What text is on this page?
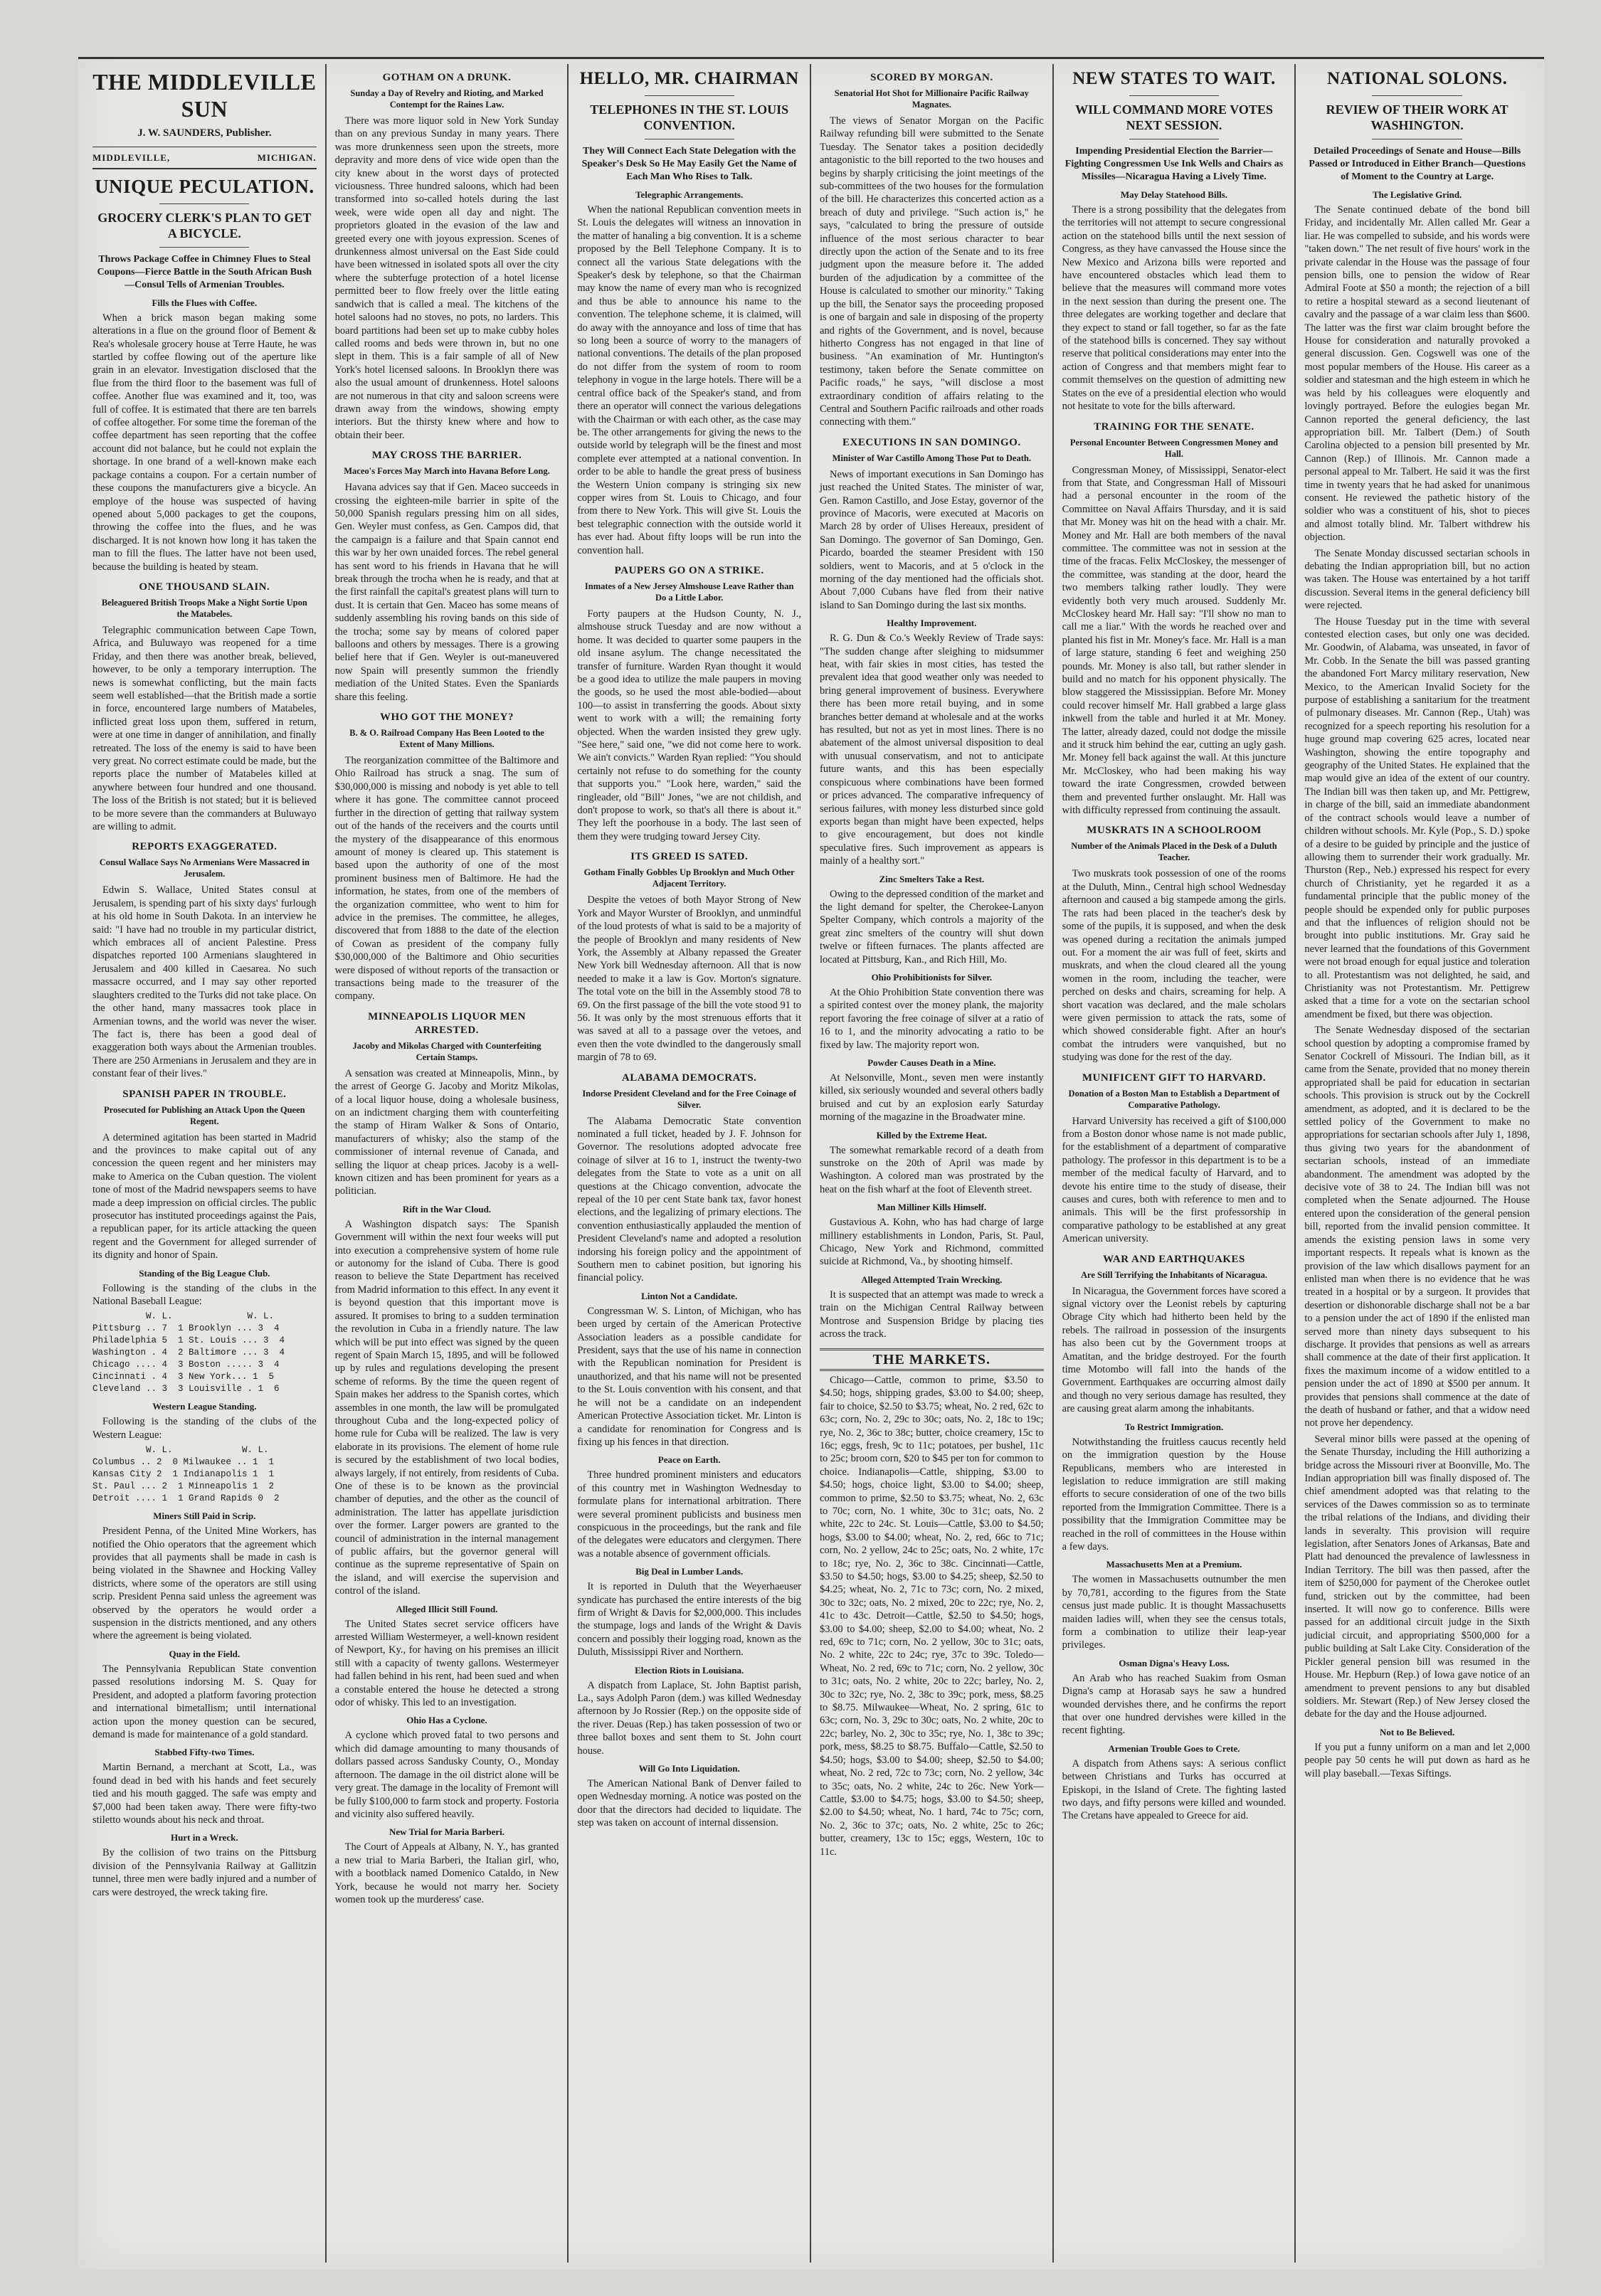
THE MIDDLEVILLE SUN
J. W. SAUNDERS, Publisher.
MIDDLEVILLE,	MICHIGAN.
UNIQUE PECULATION.
GROCERY CLERK'S PLAN TO GET A BICYCLE.
Throws Package Coffee in Chimney Flues to Steal Coupons—Fierce Battle in the South African Bush—Consul Tells of Armenian Troubles.
Fills the Flues with Coffee.

When a brick mason began making some alterations in a flue on the ground floor of Bement & Rea's wholesale grocery house at Terre Haute, he was startled by coffee flowing out of the aperture like grain in an elevator. Investigation disclosed that the flue from the third floor to the basement was full of coffee. Another flue was examined and it, too, was full of coffee. It is estimated that there are ten barrels of coffee altogether. For some time the foreman of the coffee department has seen reporting that the coffee account did not balance, but he could not explain the shortage. In one brand of a well-known make each package contains a coupon. For a certain number of these coupons the manufacturers give a bicycle. An employe of the house was suspected of having opened about 5,000 packages to get the coupons, throwing the coffee into the flues, and he was discharged. It is not known how long it has taken the man to fill the flues. The latter have not been used, because the building is heated by steam.

ONE THOUSAND SLAIN.
Beleaguered British Troops Make a Night Sortie Upon the Matabeles.

Telegraphic communication between Cape Town, Africa, and Buluwayo was reopened for a time Friday, and then there was another break, believed, however, to be only a temporary interruption. The news is somewhat conflicting, but the main facts seem well established—that the British made a sortie in force, encountered large numbers of Matabeles, inflicted great loss upon them, suffered in return, were at one time in danger of annihilation, and finally retreated. The loss of the enemy is said to have been very great. No correct estimate could be made, but the reports place the number of Matabeles killed at anywhere between four hundred and one thousand. The loss of the British is not stated; but it is believed to be more severe than the commanders at Buluwayo are willing to admit.

REPORTS EXAGGERATED.
Consul Wallace Says No Armenians Were Massacred in Jerusalem.

Edwin S. Wallace, United States consul at Jerusalem, is spending part of his sixty days' furlough at his old home in South Dakota. In an interview he said: "I have had no trouble in my particular district, which embraces all of ancient Palestine. Press dispatches reported 100 Armenians slaughtered in Jerusalem and 400 killed in Caesarea. No such massacre occurred, and I may say other reported slaughters credited to the Turks did not take place. On the other hand, many massacres took place in Armenian towns, and the world was never the wiser. The fact is, there has been a good deal of exaggeration both ways about the Armenian troubles. There are 250 Armenians in Jerusalem and they are in constant fear of their lives."

SPANISH PAPER IN TROUBLE.
Prosecuted for Publishing an Attack Upon the Queen Regent.

A determined agitation has been started in Madrid and the provinces to make capital out of any concession the queen regent and her ministers may make to America on the Cuban question. The violent tone of most of the Madrid newspapers seems to have made a deep impression on official circles. The public prosecutor has instituted proceedings against the Pais, a republican paper, for its article attacking the queen regent and the Government for alleged surrender of its dignity and honor of Spain.

Standing of the Big League Club.

Following is the standing of the clubs in the National Baseball League:

W. L.              W. L.
Pittsburg .. 7  1 Brooklyn ... 3  4
Philadelphia 5  1 St. Louis ... 3  4
Washington . 4  2 Baltimore ... 3  4
Chicago .... 4  3 Boston ..... 3  4
Cincinnati . 4  3 New York... 1  5
Cleveland .. 3  3 Louisville . 1  6
Western League Standing.

Following is the standing of the clubs of the Western League:

W. L.             W. L.
Columbus .. 2  0 Milwaukee .. 1  1
Kansas City 2  1 Indianapolis 1  1
St. Paul ... 2  1 Minneapolis 1  2
Detroit .... 1  1 Grand Rapids 0  2
Miners Still Paid in Scrip.

President Penna, of the United Mine Workers, has notified the Ohio operators that the agreement which provides that all payments shall be made in cash is being violated in the Shawnee and Hocking Valley districts, where some of the operators are still using scrip. President Penna said unless the agreement was observed by the operators he would order a suspension in the districts mentioned, and any others where the agreement is being violated.

Quay in the Field.

The Pennsylvania Republican State convention passed resolutions indorsing M. S. Quay for President, and adopted a platform favoring protection and international bimetallism; until international action upon the money question can be secured, demand is made for maintenance of a gold standard.

Stabbed Fifty-two Times.

Martin Bernand, a merchant at Scott, La., was found dead in bed with his hands and feet securely tied and his mouth gagged. The safe was empty and $7,000 had been taken away. There were fifty-two stiletto wounds about his neck and throat.

Hurt in a Wreck.

By the collision of two trains on the Pittsburg division of the Pennsylvania Railway at Gallitzin tunnel, three men were badly injured and a number of cars were destroyed, the wreck taking fire.

GOTHAM ON A DRUNK.
Sunday a Day of Revelry and Rioting, and Marked Contempt for the Raines Law.

There was more liquor sold in New York Sunday than on any previous Sunday in many years. There was more drunkenness seen upon the streets, more depravity and more dens of vice wide open than the city knew about in the worst days of protected viciousness. Three hundred saloons, which had been transformed into so-called hotels during the last week, were wide open all day and night. The proprietors gloated in the evasion of the law and greeted every one with joyous expression. Scenes of drunkenness almost universal on the East Side could have been witnessed in isolated spots all over the city where the subterfuge protection of a hotel license permitted beer to flow freely over the little eating sandwich that is called a meal. The kitchens of the hotel saloons had no stoves, no pots, no larders. This board partitions had been set up to make cubby holes called rooms and beds were thrown in, but no one slept in them. This is a fair sample of all of New York's hotel licensed saloons. In Brooklyn there was also the usual amount of drunkenness. Hotel saloons are not numerous in that city and saloon screens were drawn away from the windows, showing empty interiors. But the thirsty knew where and how to obtain their beer.

MAY CROSS THE BARRIER.
Maceo's Forces May March into Havana Before Long.

Havana advices say that if Gen. Maceo succeeds in crossing the eighteen-mile barrier in spite of the 50,000 Spanish regulars pressing him on all sides, Gen. Weyler must confess, as Gen. Campos did, that the campaign is a failure and that Spain cannot end this war by her own unaided forces. The rebel general has sent word to his friends in Havana that he will break through the trocha when he is ready, and that at the first rainfall the capital's greatest plans will turn to dust. It is certain that Gen. Maceo has some means of suddenly assembling his roving bands on this side of the trocha; some say by means of colored paper balloons and others by messages. There is a growing belief here that if Gen. Weyler is out-maneuvered now Spain will presently summon the friendly mediation of the United States. Even the Spaniards share this feeling.

WHO GOT THE MONEY?
B. & O. Railroad Company Has Been Looted to the Extent of Many Millions.

The reorganization committee of the Baltimore and Ohio Railroad has struck a snag. The sum of $30,000,000 is missing and nobody is yet able to tell where it has gone. The committee cannot proceed further in the direction of getting that railway system out of the hands of the receivers and the courts until the mystery of the disappearance of this enormous amount of money is cleared up. This statement is based upon the authority of one of the most prominent business men of Baltimore. He had the information, he states, from one of the members of the organization committee, who went to him for advice in the premises. The committee, he alleges, discovered that from 1888 to the date of the election of Cowan as president of the company fully $30,000,000 of the Baltimore and Ohio securities were disposed of without reports of the transaction or transactions being made to the treasurer of the company.

MINNEAPOLIS LIQUOR MEN ARRESTED.
Jacoby and Mikolas Charged with Counterfeiting Certain Stamps.

A sensation was created at Minneapolis, Minn., by the arrest of George G. Jacoby and Moritz Mikolas, of a local liquor house, doing a wholesale business, on an indictment charging them with counterfeiting the stamp of Hiram Walker & Sons of Ontario, manufacturers of whisky; also the stamp of the commissioner of internal revenue of Canada, and selling the liquor at cheap prices. Jacoby is a well-known citizen and has been prominent for years as a politician.

Rift in the War Cloud.

A Washington dispatch says: The Spanish Government will within the next four weeks will put into execution a comprehensive system of home rule or autonomy for the island of Cuba. There is good reason to believe the State Department has received from Madrid information to this effect. In any event it is beyond question that this important move is assured. It promises to bring to a sudden termination the revolution in Cuba in a friendly nature. The law which will be put into effect was signed by the queen regent of Spain March 15, 1895, and will be followed up by rules and regulations developing the present scheme of reforms. By the time the queen regent of Spain makes her address to the Spanish cortes, which assembles in one month, the law will be promulgated throughout Cuba and the long-expected policy of home rule for Cuba will be realized. The law is very elaborate in its provisions. The element of home rule is secured by the establishment of two local bodies, always largely, if not entirely, from residents of Cuba. One of these is to be known as the provincial chamber of deputies, and the other as the council of administration. The latter has appellate jurisdiction over the former. Larger powers are granted to the council of administration in the internal management of public affairs, but the governor general will continue as the supreme representative of Spain on the island, and will exercise the supervision and control of the island.

Alleged Illicit Still Found.

The United States secret service officers have arrested William Westermeyer, a well-known resident of Newport, Ky., for having on his premises an illicit still with a capacity of twenty gallons. Westermeyer had fallen behind in his rent, had been sued and when a constable entered the house he detected a strong odor of whisky. This led to an investigation.

Ohio Has a Cyclone.

A cyclone which proved fatal to two persons and which did damage amounting to many thousands of dollars passed across Sandusky County, O., Monday afternoon. The damage in the oil district alone will be very great. The damage in the locality of Fremont will be fully $100,000 to farm stock and property. Fostoria and vicinity also suffered heavily.

New Trial for Maria Barberi.

The Court of Appeals at Albany, N. Y., has granted a new trial to Maria Barberi, the Italian girl, who, with a bootblack named Domenico Cataldo, in New York, because he would not marry her. Society women took up the murderess' case.

HELLO, MR. CHAIRMAN
TELEPHONES IN THE ST. LOUIS CONVENTION.
They Will Connect Each State Delegation with the Speaker's Desk So He May Easily Get the Name of Each Man Who Rises to Talk.
Telegraphic Arrangements.

When the national Republican convention meets in St. Louis the delegates will witness an innovation in the matter of hanaling a big convention. It is a scheme proposed by the Bell Telephone Company. It is to connect all the various State delegations with the Speaker's desk by telephone, so that the Chairman may know the name of every man who is recognized and thus be able to announce his name to the convention. The telephone scheme, it is claimed, will do away with the annoyance and loss of time that has so long been a source of worry to the managers of national conventions. The details of the plan proposed do not differ from the system of room to room telephony in vogue in the large hotels. There will be a central office back of the Speaker's stand, and from there an operator will connect the various delegations with the Chairman or with each other, as the case may be. The other arrangements for giving the news to the outside world by telegraph will be the finest and most complete ever attempted at a national convention. In order to be able to handle the great press of business the Western Union company is stringing six new copper wires from St. Louis to Chicago, and four from there to New York. This will give St. Louis the best telegraphic connection with the outside world it has ever had. About fifty loops will be run into the convention hall.

PAUPERS GO ON A STRIKE.
Inmates of a New Jersey Almshouse Leave Rather than Do a Little Labor.

Forty paupers at the Hudson County, N. J., almshouse struck Tuesday and are now without a home. It was decided to quarter some paupers in the old insane asylum. The change necessitated the transfer of furniture. Warden Ryan thought it would be a good idea to utilize the male paupers in moving the goods, so he used the most able-bodied—about 100—to assist in transferring the goods. About sixty went to work with a will; the remaining forty objected. When the warden insisted they grew ugly. "See here," said one, "we did not come here to work. We ain't convicts." Warden Ryan replied: "You should certainly not refuse to do something for the county that supports you." "Look here, warden," said the ringleader, old "Bill" Jones, "we are not childish, and don't propose to work, so that's all there is about it." They left the poorhouse in a body. The last seen of them they were trudging toward Jersey City.

ITS GREED IS SATED.
Gotham Finally Gobbles Up Brooklyn and Much Other Adjacent Territory.

Despite the vetoes of both Mayor Strong of New York and Mayor Wurster of Brooklyn, and unmindful of the loud protests of what is said to be a majority of the people of Brooklyn and many residents of New York, the Assembly at Albany repassed the Greater New York bill Wednesday afternoon. All that is now needed to make it a law is Gov. Morton's signature. The total vote on the bill in the Assembly stood 78 to 69. On the first passage of the bill the vote stood 91 to 56. It was only by the most strenuous efforts that it was saved at all to a passage over the vetoes, and even then the vote dwindled to the dangerously small margin of 78 to 69.

ALABAMA DEMOCRATS.
Indorse President Cleveland and for the Free Coinage of Silver.

The Alabama Democratic State convention nominated a full ticket, headed by J. F. Johnson for Governor. The resolutions adopted advocate free coinage of silver at 16 to 1, instruct the twenty-two delegates from the State to vote as a unit on all questions at the Chicago convention, advocate the repeal of the 10 per cent State bank tax, favor honest elections, and the legalizing of primary elections. The convention enthusiastically applauded the mention of President Cleveland's name and adopted a resolution indorsing his foreign policy and the appointment of Southern men to cabinet position, but ignoring his financial policy.

Linton Not a Candidate.

Congressman W. S. Linton, of Michigan, who has been urged by certain of the American Protective Association leaders as a possible candidate for President, says that the use of his name in connection with the Republican nomination for President is unauthorized, and that his name will not be presented to the St. Louis convention with his consent, and that he will not be a candidate on an independent American Protective Association ticket. Mr. Linton is a candidate for renomination for Congress and is fixing up his fences in that direction.

Peace on Earth.

Three hundred prominent ministers and educators of this country met in Washington Wednesday to formulate plans for international arbitration. There were several prominent publicists and business men conspicuous in the proceedings, but the rank and file of the delegates were educators and clergymen. There was a notable absence of government officials.

Big Deal in Lumber Lands.

It is reported in Duluth that the Weyerhaeuser syndicate has purchased the entire interests of the big firm of Wright & Davis for $2,000,000. This includes the stumpage, logs and lands of the Wright & Davis concern and possibly their logging road, known as the Duluth, Mississippi River and Northern.

Election Riots in Louisiana.

A dispatch from Laplace, St. John Baptist parish, La., says Adolph Paron (dem.) was killed Wednesday afternoon by Jo Rossier (Rep.) on the opposite side of the river. Deuas (Rep.) has taken possession of two or three ballot boxes and sent them to St. John court house.

Will Go Into Liquidation.

The American National Bank of Denver failed to open Wednesday morning. A notice was posted on the door that the directors had decided to liquidate. The step was taken on account of internal dissension.

SCORED BY MORGAN.
Senatorial Hot Shot for Millionaire Pacific Railway Magnates.

The views of Senator Morgan on the Pacific Railway refunding bill were submitted to the Senate Tuesday. The Senator takes a position decidedly antagonistic to the bill reported to the two houses and begins by sharply criticising the joint meetings of the sub-committees of the two houses for the formulation of the bill. He characterizes this concerted action as a breach of duty and privilege. "Such action is," he says, "calculated to bring the pressure of outside influence of the most serious character to bear directly upon the action of the Senate and to its free judgment upon the measure before it. The added burden of the adjudication by a committee of the House is calculated to smother our minority." Taking up the bill, the Senator says the proceeding proposed is one of bargain and sale in disposing of the property and rights of the Government, and is novel, because hitherto Congress has not engaged in that line of business. "An examination of Mr. Huntington's testimony, taken before the Senate committee on Pacific roads," he says, "will disclose a most extraordinary condition of affairs relating to the Central and Southern Pacific railroads and other roads connecting with them."

EXECUTIONS IN SAN DOMINGO.
Minister of War Castillo Among Those Put to Death.

News of important executions in San Domingo has just reached the United States. The minister of war, Gen. Ramon Castillo, and Jose Estay, governor of the province of Macoris, were executed at Macoris on March 28 by order of Ulises Hereaux, president of San Domingo. The governor of San Domingo, Gen. Picardo, boarded the steamer President with 150 soldiers, went to Macoris, and at 5 o'clock in the morning of the day mentioned had the officials shot. About 7,000 Cubans have fled from their native island to San Domingo during the last six months.

Healthy Improvement.

R. G. Dun & Co.'s Weekly Review of Trade says: "The sudden change after sleighing to midsummer heat, with fair skies in most cities, has tested the prevalent idea that good weather only was needed to bring general improvement of business. Everywhere there has been more retail buying, and in some branches better demand at wholesale and at the works has resulted, but not as yet in most lines. There is no abatement of the almost universal disposition to deal with unusual conservatism, and not to anticipate future wants, and this has been especially conspicuous where combinations have been formed or prices advanced. The comparative infrequency of serious failures, with money less disturbed since gold exports began than might have been expected, helps to give encouragement, but does not kindle speculative fires. Such improvement as appears is mainly of a healthy sort."

Zinc Smelters Take a Rest.

Owing to the depressed condition of the market and the light demand for spelter, the Cherokee-Lanyon Spelter Company, which controls a majority of the great zinc smelters of the country will shut down twelve or fifteen furnaces. The plants affected are located at Pittsburg, Kan., and Rich Hill, Mo.

Ohio Prohibitionists for Silver.

At the Ohio Prohibition State convention there was a spirited contest over the money plank, the majority report favoring the free coinage of silver at a ratio of 16 to 1, and the minority advocating a ratio to be fixed by law. The majority report won.

Powder Causes Death in a Mine.

At Nelsonville, Mont., seven men were instantly killed, six seriously wounded and several others badly bruised and cut by an explosion early Saturday morning of the magazine in the Broadwater mine.

Killed by the Extreme Heat.

The somewhat remarkable record of a death from sunstroke on the 20th of April was made by Washington. A colored man was prostrated by the heat on the fish wharf at the foot of Eleventh street.

Man Milliner Kills Himself.

Gustavious A. Kohn, who has had charge of large millinery establishments in London, Paris, St. Paul, Chicago, New York and Richmond, committed suicide at Richmond, Va., by shooting himself.

Alleged Attempted Train Wrecking.

It is suspected that an attempt was made to wreck a train on the Michigan Central Railway between Montrose and Suspension Bridge by placing ties across the track.

THE MARKETS.

Chicago—Cattle, common to prime, $3.50 to $4.50; hogs, shipping grades, $3.00 to $4.00; sheep, fair to choice, $2.50 to $3.75; wheat, No. 2 red, 62c to 63c; corn, No. 2, 29c to 30c; oats, No. 2, 18c to 19c; rye, No. 2, 36c to 38c; butter, choice creamery, 15c to 16c; eggs, fresh, 9c to 11c; potatoes, per bushel, 11c to 25c; broom corn, $20 to $45 per ton for common to choice. Indianapolis—Cattle, shipping, $3.00 to $4.50; hogs, choice light, $3.00 to $4.00; sheep, common to prime, $2.50 to $3.75; wheat, No. 2, 63c to 70c; corn, No. 1 white, 30c to 31c; oats, No. 2 white, 22c to 24c. St. Louis—Cattle, $3.00 to $4.50; hogs, $3.00 to $4.00; wheat, No. 2, red, 66c to 71c; corn, No. 2 yellow, 24c to 25c; oats, No. 2 white, 17c to 18c; rye, No. 2, 36c to 38c. Cincinnati—Cattle, $3.50 to $4.50; hogs, $3.00 to $4.25; sheep, $2.50 to $4.25; wheat, No. 2, 71c to 73c; corn, No. 2 mixed, 30c to 32c; oats, No. 2 mixed, 20c to 22c; rye, No. 2, 41c to 43c. Detroit—Cattle, $2.50 to $4.50; hogs, $3.00 to $4.00; sheep, $2.00 to $4.00; wheat, No. 2 red, 69c to 71c; corn, No. 2 yellow, 30c to 31c; oats, No. 2 white, 22c to 24c; rye, 37c to 39c. Toledo—Wheat, No. 2 red, 69c to 71c; corn, No. 2 yellow, 30c to 31c; oats, No. 2 white, 20c to 22c; barley, No. 2, 30c to 32c; rye, No. 2, 38c to 39c; pork, mess, $8.25 to $8.75. Milwaukee—Wheat, No. 2 spring, 61c to 63c; corn, No. 3, 29c to 30c; oats, No. 2 white, 20c to 22c; barley, No. 2, 30c to 35c; rye, No. 1, 38c to 39c; pork, mess, $8.25 to $8.75. Buffalo—Cattle, $2.50 to $4.50; hogs, $3.00 to $4.00; sheep, $2.50 to $4.00; wheat, No. 2 red, 72c to 73c; corn, No. 2 yellow, 34c to 35c; oats, No. 2 white, 24c to 26c. New York—Cattle, $3.00 to $4.75; hogs, $3.00 to $4.50; sheep, $2.00 to $4.50; wheat, No. 1 hard, 74c to 75c; corn, No. 2, 36c to 37c; oats, No. 2 white, 25c to 26c; butter, creamery, 13c to 15c; eggs, Western, 10c to 11c.

NEW STATES TO WAIT.
WILL COMMAND MORE VOTES NEXT SESSION.
Impending Presidential Election the Barrier—Fighting Congressmen Use Ink Wells and Chairs as Missiles—Nicaragua Having a Lively Time.
May Delay Statehood Bills.

There is a strong possibility that the delegates from the territories will not attempt to secure congressional action on the statehood bills until the next session of Congress, as they have canvassed the House since the New Mexico and Arizona bills were reported and have encountered obstacles which lead them to believe that the measures will command more votes in the next session than during the present one. The three delegates are working together and declare that they expect to stand or fall together, so far as the fate of the statehood bills is concerned. They say without reserve that political considerations may enter into the action of Congress and that members might fear to commit themselves on the question of admitting new States on the eve of a presidential election who would not hesitate to vote for the bills afterward.

TRAINING FOR THE SENATE.
Personal Encounter Between Congressmen Money and Hall.

Congressman Money, of Mississippi, Senator-elect from that State, and Congressman Hall of Missouri had a personal encounter in the room of the Committee on Naval Affairs Thursday, and it is said that Mr. Money was hit on the head with a chair. Mr. Money and Mr. Hall are both members of the naval committee. The committee was not in session at the time of the fracas. Felix McCloskey, the messenger of the committee, was standing at the door, heard the two members talking rather loudly. They were evidently both very much aroused. Suddenly Mr. McCloskey heard Mr. Hall say: "I'll show no man to call me a liar." With the words he reached over and planted his fist in Mr. Money's face. Mr. Hall is a man of large stature, standing 6 feet and weighing 250 pounds. Mr. Money is also tall, but rather slender in build and no match for his opponent physically. The blow staggered the Mississippian. Before Mr. Money could recover himself Mr. Hall grabbed a large glass inkwell from the table and hurled it at Mr. Money. The latter, already dazed, could not dodge the missile and it struck him behind the ear, cutting an ugly gash. Mr. Money fell back against the wall. At this juncture Mr. McCloskey, who had been making his way toward the irate Congressmen, crowded between them and prevented further onslaught. Mr. Hall was with difficulty repressed from continuing the assault.

MUSKRATS IN A SCHOOLROOM
Number of the Animals Placed in the Desk of a Duluth Teacher.

Two muskrats took possession of one of the rooms at the Duluth, Minn., Central high school Wednesday afternoon and caused a big stampede among the girls. The rats had been placed in the teacher's desk by some of the pupils, it is supposed, and when the desk was opened during a recitation the animals jumped out. For a moment the air was full of feet, skirts and muskrats, and when the cloud cleared all the young women in the room, including the teacher, were perched on desks and chairs, screaming for help. A short vacation was declared, and the male scholars were given permission to attack the rats, some of which showed considerable fight. After an hour's combat the intruders were vanquished, but no studying was done for the rest of the day.

MUNIFICENT GIFT TO HARVARD.
Donation of a Boston Man to Establish a Department of Comparative Pathology.

Harvard University has received a gift of $100,000 from a Boston donor whose name is not made public, for the establishment of a department of comparative pathology. The professor in this department is to be a member of the medical faculty of Harvard, and to devote his entire time to the study of disease, their causes and cures, both with reference to men and to animals. This will be the first professorship in comparative pathology to be established at any great American university.

WAR AND EARTHQUAKES
Are Still Terrifying the Inhabitants of Nicaragua.

In Nicaragua, the Government forces have scored a signal victory over the Leonist rebels by capturing Obrage City which had hitherto been held by the rebels. The railroad in possession of the insurgents has also been cut by the Government troops at Amatitan, and the bridge destroyed. For the fourth time Motombo will fall into the hands of the Government. Earthquakes are occurring almost daily and though no very serious damage has resulted, they are causing great alarm among the inhabitants.

To Restrict Immigration.

Notwithstanding the fruitless caucus recently held on the immigration question by the House Republicans, members who are interested in legislation to reduce immigration are still making efforts to secure consideration of one of the two bills reported from the Immigration Committee. There is a possibility that the Immigration Committee may be reached in the roll of committees in the House within a few days.

Massachusetts Men at a Premium.

The women in Massachusetts outnumber the men by 70,781, according to the figures from the State census just made public. It is thought Massachusetts maiden ladies will, when they see the census totals, form a combination to utilize their leap-year privileges.

Osman Digna's Heavy Loss.

An Arab who has reached Suakim from Osman Digna's camp at Horasab says he saw a hundred wounded dervishes there, and he confirms the report that over one hundred dervishes were killed in the recent fighting.

Armenian Trouble Goes to Crete.

A dispatch from Athens says: A serious conflict between Christians and Turks has occurred at Episkopi, in the Island of Crete. The fighting lasted two days, and fifty persons were killed and wounded. The Cretans have appealed to Greece for aid.

NATIONAL SOLONS.
REVIEW OF THEIR WORK AT WASHINGTON.
Detailed Proceedings of Senate and House—Bills Passed or Introduced in Either Branch—Questions of Moment to the Country at Large.
The Legislative Grind.

The Senate continued debate of the bond bill Friday, and incidentally Mr. Allen called Mr. Gear a liar. He was compelled to subside, and his words were "taken down." The net result of five hours' work in the private calendar in the House was the passage of four pension bills, one to pension the widow of Rear Admiral Foote at $50 a month; the rejection of a bill to retire a hospital steward as a second lieutenant of cavalry and the passage of a war claim less than $600. The latter was the first war claim brought before the House for consideration and naturally provoked a general discussion. Gen. Cogswell was one of the most popular members of the House. His career as a soldier and statesman and the high esteem in which he was held by his colleagues were eloquently and lovingly portrayed. Before the eulogies began Mr. Cannon reported the general deficiency, the last appropriation bill. Mr. Talbert (Dem.) of South Carolina objected to a pension bill presented by Mr. Cannon (Rep.) of Illinois. Mr. Cannon made a personal appeal to Mr. Talbert. He said it was the first time in twenty years that he had asked for unanimous consent. He reviewed the pathetic history of the soldier who was a constituent of his, shot to pieces and almost totally blind. Mr. Talbert withdrew his objection.

The Senate Monday discussed sectarian schools in debating the Indian appropriation bill, but no action was taken. The House was entertained by a hot tariff discussion. Several items in the general deficiency bill were rejected.

The House Tuesday put in the time with several contested election cases, but only one was decided. Mr. Goodwin, of Alabama, was unseated, in favor of Mr. Cobb. In the Senate the bill was passed granting the abandoned Fort Marcy military reservation, New Mexico, to the American Invalid Society for the purpose of establishing a sanitarium for the treatment of pulmonary diseases. Mr. Cannon (Rep., Utah) was recognized for a speech reporting his resolution for a huge ground map covering 625 acres, located near Washington, showing the entire topography and geography of the United States. He explained that the map would give an idea of the extent of our country. The Indian bill was then taken up, and Mr. Pettigrew, in charge of the bill, said an immediate abandonment of the contract schools would leave a number of children without schools. Mr. Kyle (Pop., S. D.) spoke of a desire to be guided by principle and the justice of allowing them to surrender their work gradually. Mr. Thurston (Rep., Neb.) expressed his respect for every church of Christianity, yet he regarded it as a fundamental principle that the public money of the people should be expended only for public purposes and that the influences of religion should not be brought into public institutions. Mr. Gray said he never learned that the foundations of this Government were not broad enough for equal justice and toleration to all. Protestantism was not delighted, he said, and Christianity was not Protestantism. Mr. Pettigrew asked that a time for a vote on the sectarian school amendment be fixed, but there was objection.

The Senate Wednesday disposed of the sectarian school question by adopting a compromise framed by Senator Cockrell of Missouri. The Indian bill, as it came from the Senate, provided that no money therein appropriated shall be paid for education in sectarian schools. This provision is struck out by the Cockrell amendment, as adopted, and it is declared to be the settled policy of the Government to make no appropriations for sectarian schools after July 1, 1898, thus giving two years for the abandonment of sectarian schools, instead of an immediate abandonment. The amendment was adopted by the decisive vote of 38 to 24. The Indian bill was not completed when the Senate adjourned. The House entered upon the consideration of the general pension bill, reported from the invalid pension committee. It amends the existing pension laws in some very important respects. It repeals what is known as the provision of the law which disallows payment for an enlisted man when there is no evidence that he was treated in a hospital or by a surgeon. It provides that desertion or dishonorable discharge shall not be a bar to a pension under the act of 1890 if the enlisted man served more than ninety days subsequent to his discharge. It provides that pensions as well as arrears shall commence at the date of their first application. It fixes the maximum income of a widow entitled to a pension under the act of 1890 at $500 per annum. It provides that pensions shall commence at the date of the death of husband or father, and that a widow need not prove her dependency.

Several minor bills were passed at the opening of the Senate Thursday, including the Hill authorizing a bridge across the Missouri river at Boonville, Mo. The Indian appropriation bill was finally disposed of. The chief amendment adopted was that relating to the services of the Dawes commission so as to terminate the tribal relations of the Indians, and dividing their lands in severalty. This provision will require legislation, after Senators Jones of Arkansas, Bate and Platt had denounced the prevalence of lawlessness in Indian Territory. The bill was then passed, after the item of $250,000 for payment of the Cherokee outlet fund, stricken out by the committee, had been inserted. It will now go to conference. Bills were passed for an additional circuit judge in the Sixth judicial circuit, and appropriating $500,000 for a public building at Salt Lake City. Consideration of the Pickler general pension bill was resumed in the House. Mr. Hepburn (Rep.) of Iowa gave notice of an amendment to prevent pensions to any but disabled soldiers. Mr. Stewart (Rep.) of New Jersey closed the debate for the day and the House adjourned.

Not to Be Believed.

If you put a funny uniform on a man and let 2,000 people pay 50 cents he will put down as hard as he will play baseball.—Texas Siftings.
